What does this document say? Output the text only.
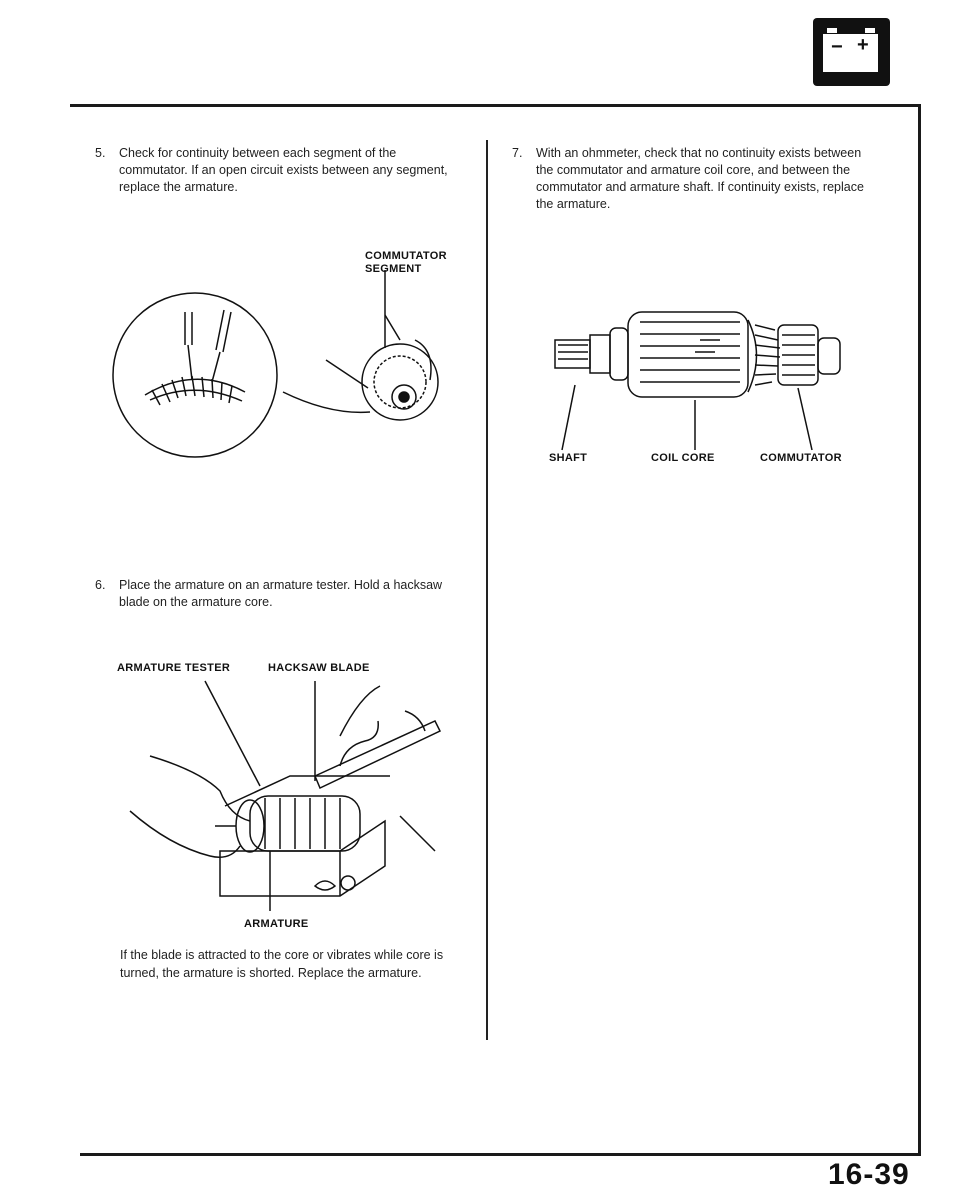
− +
5.	Check for continuity between each segment of the commutator. If an open circuit exists between any segment, replace the armature.
COMMUTATOR
SEGMENT
6.	Place the armature on an armature tester. Hold a hacksaw blade on the armature core.
ARMATURE TESTER	HACKSAW BLADE
ARMATURE
If the blade is attracted to the core or vibrates while core is turned, the armature is shorted. Replace the armature.
7.	With an ohmmeter, check that no continuity exists between the commutator and armature coil core, and between the commutator and armature shaft. If continuity exists, replace the armature.
SHAFT	COIL CORE	COMMUTATOR
16-39
